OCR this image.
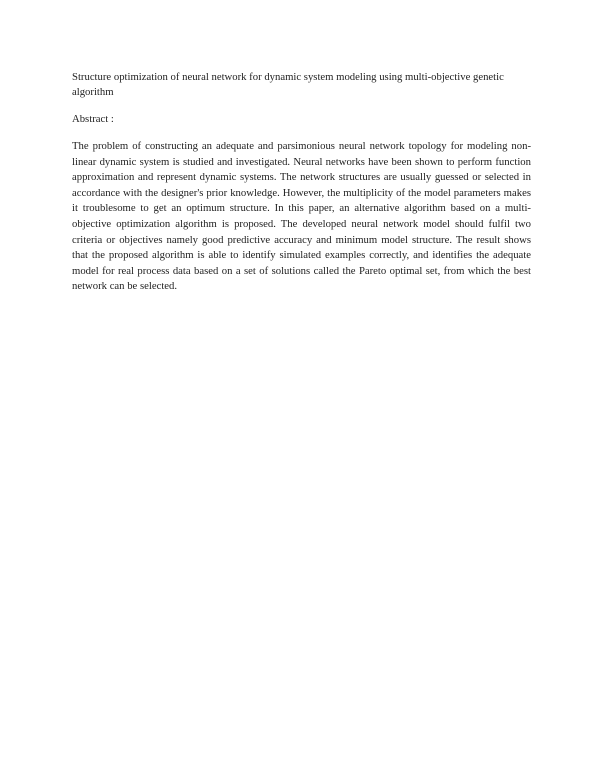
Structure optimization of neural network for dynamic system modeling using multi-objective genetic algorithm

Abstract :

The problem of constructing an adequate and parsimonious neural network topology for modeling non-linear dynamic system is studied and investigated. Neural networks have been shown to perform function approximation and represent dynamic systems. The network structures are usually guessed or selected in accordance with the designer's prior knowledge. However, the multiplicity of the model parameters makes it troublesome to get an optimum structure. In this paper, an alternative algorithm based on a multi-objective optimization algorithm is proposed. The developed neural network model should fulfil two criteria or objectives namely good predictive accuracy and minimum model structure. The result shows that the proposed algorithm is able to identify simulated examples correctly, and identifies the adequate model for real process data based on a set of solutions called the Pareto optimal set, from which the best network can be selected.
